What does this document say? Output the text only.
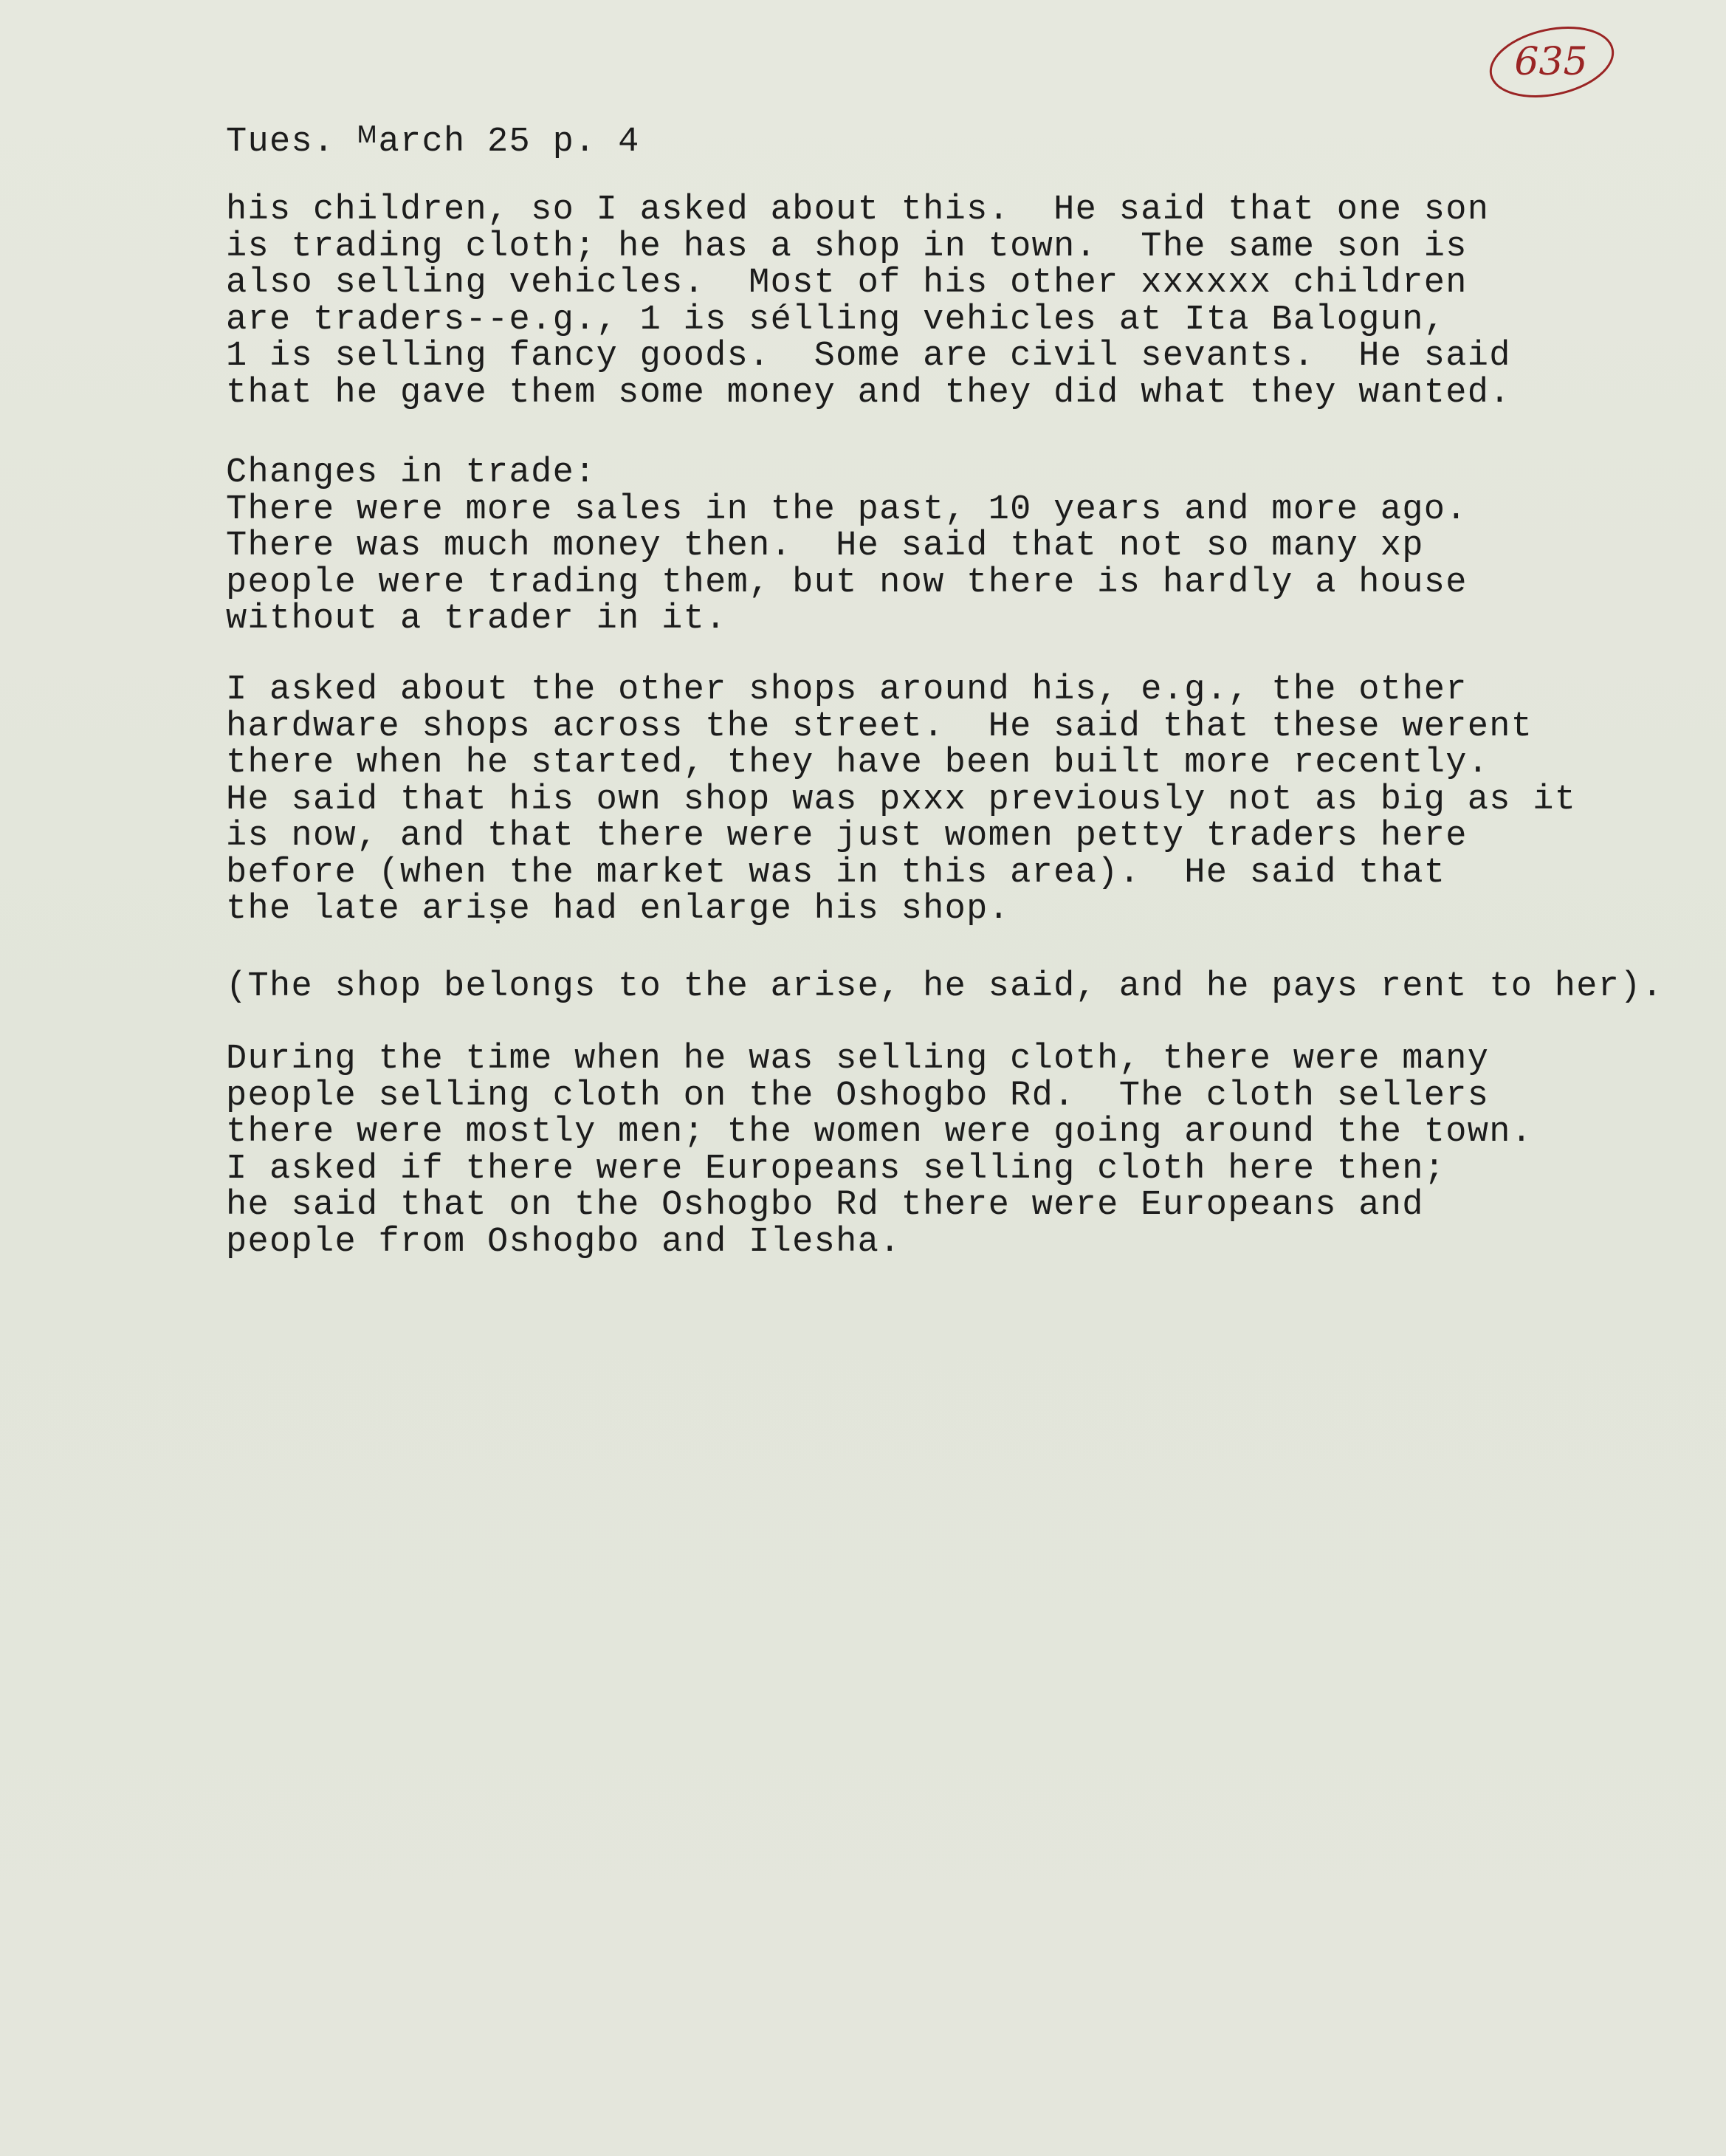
635
Tues. ᴹarch 25 p. 4
his children, so I asked about this.  He said that one son
is trading cloth; he has a shop in town.  The same son is
also selling vehicles.  Most of his other xxxxxx children
are traders--e.g., 1 is sélling vehicles at Ita Balogun,
1 is selling fancy goods.  Some are civil sevants.  He said
that he gave them some money and they did what they wanted.
Changes in trade:
There were more sales in the past, 10 years and more ago.
There was much money then.  He said that not so many xp
people were trading them, but now there is hardly a house
without a trader in it.
I asked about the other shops around his, e.g., the other
hardware shops across the street.  He said that these werent
there when he started, they have been built more recently.
He said that his own shop was pxxx previously not as big as it
is now, and that there were just women petty traders here
before (when the market was in this area).  He said that
the late ariṣe had enlarge his shop.
(The shop belongs to the arise, he said, and he pays rent to her).
During the time when he was selling cloth, there were many
people selling cloth on the Oshogbo Rd.  The cloth sellers
there were mostly men; the women were going around the town.
I asked if there were Europeans selling cloth here then;
he said that on the Oshogbo Rd there were Europeans and
people from Oshogbo and Ilesha.
